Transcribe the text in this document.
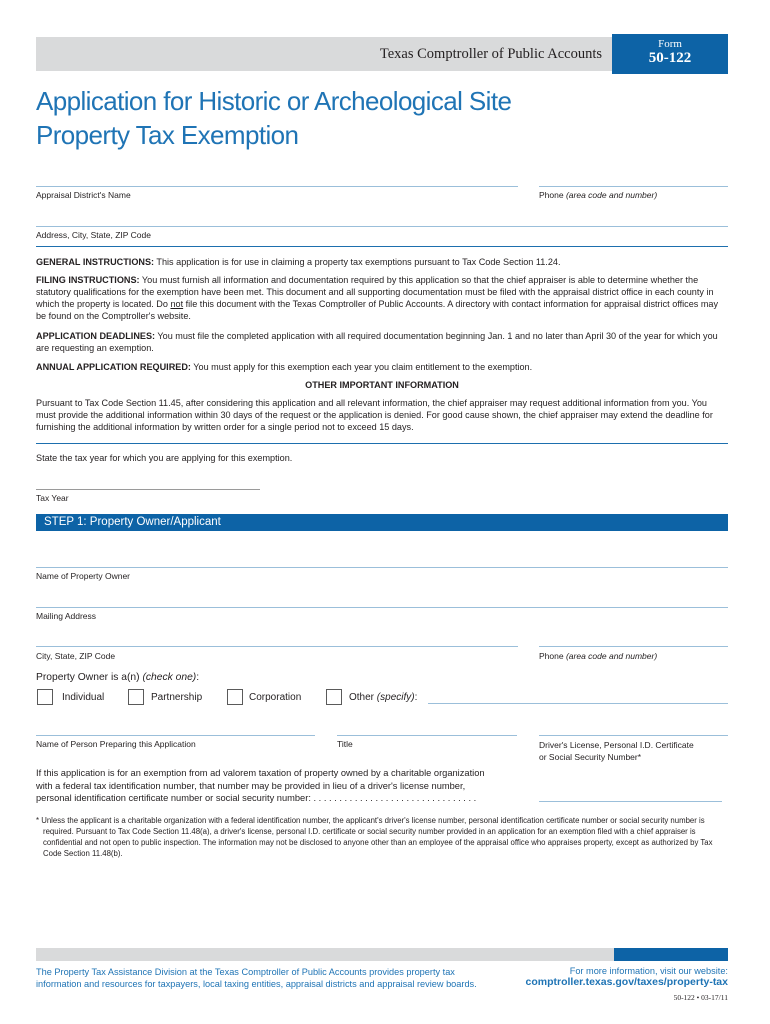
Texas Comptroller of Public Accounts
Form
50-122
Application for Historic or Archeological Site
Property Tax Exemption
Appraisal District's Name	Phone (area code and number)
Address, City, State, ZIP Code
GENERAL INSTRUCTIONS: This application is for use in claiming a property tax exemptions pursuant to Tax Code Section 11.24.
FILING INSTRUCTIONS: You must furnish all information and documentation required by this application so that the chief appraiser is able to determine whether the statutory qualifications for the exemption have been met. This document and all supporting documentation must be filed with the appraisal district office in each county in which the property is located. Do not file this document with the Texas Comptroller of Public Accounts. A directory with contact information for appraisal district offices may be found on the Comptroller's website.
APPLICATION DEADLINES: You must file the completed application with all required documentation beginning Jan. 1 and no later than April 30 of the year for which you are requesting an exemption.
ANNUAL APPLICATION REQUIRED: You must apply for this exemption each year you claim entitlement to the exemption.
OTHER IMPORTANT INFORMATION
Pursuant to Tax Code Section 11.45, after considering this application and all relevant information, the chief appraiser may request additional information from you. You must provide the additional information within 30 days of the request or the application is denied. For good cause shown, the chief appraiser may extend the deadline for furnishing the additional information by written order for a single period not to exceed 15 days.
State the tax year for which you are applying for this exemption.
Tax Year
STEP 1: Property Owner/Applicant
Name of Property Owner
Mailing Address
City, State, ZIP Code	Phone (area code and number)
Property Owner is a(n) (check one):
Individual	Partnership	Corporation	Other (specify):
Name of Person Preparing this Application	Title	Driver's License, Personal I.D. Certificate
or Social Security Number*
If this application is for an exemption from ad valorem taxation of property owned by a charitable organization
with a federal tax identification number, that number may be provided in lieu of a driver's license number,
personal identification certificate number or social security number: . . . . . . . . . . . . . . . . . . . . . . . . . . . . . . . .
* Unless the applicant is a charitable organization with a federal identification number, the applicant's driver's license number, personal identification certificate number or social security number is required. Pursuant to Tax Code Section 11.48(a), a driver's license, personal I.D. certificate or social security number provided in an application for an exemption filed with a chief appraiser is confidential and not open to public inspection. The information may not be disclosed to anyone other than an employee of the appraisal office who appraises property, except as authorized by Tax Code Section 11.48(b).
The Property Tax Assistance Division at the Texas Comptroller of Public Accounts provides property tax
information and resources for taxpayers, local taxing entities, appraisal districts and appraisal review boards.
For more information, visit our website:
comptroller.texas.gov/taxes/property-tax
50-122 • 03-17/11
